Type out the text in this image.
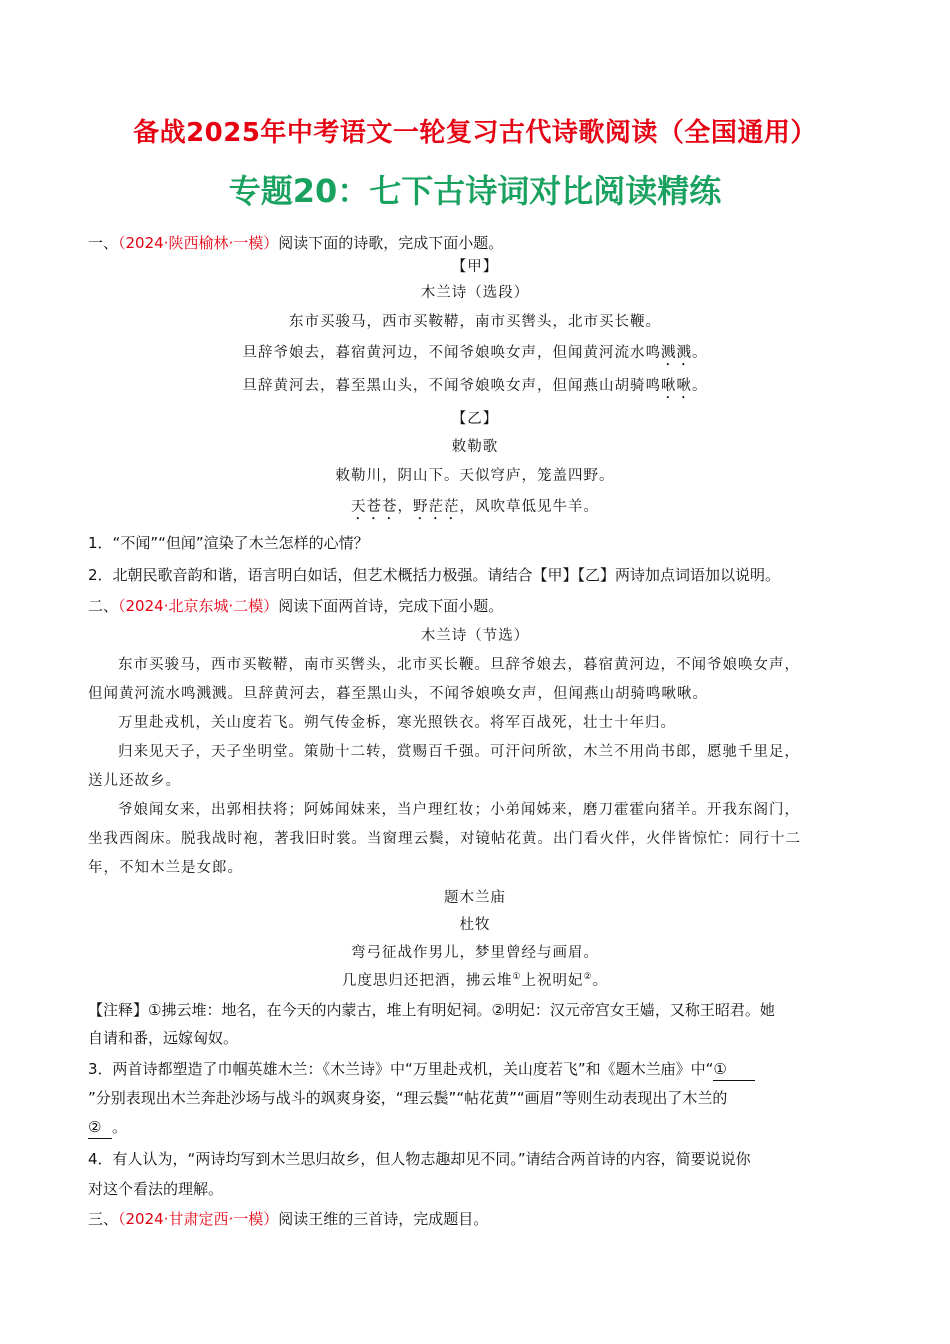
备战2025年中考语文一轮复习古代诗歌阅读（全国通用）
专题20：七下古诗词对比阅读精练
一、（2024·陕西榆林·一模）阅读下面的诗歌，完成下面小题。
【甲】
木兰诗（选段）
东市买骏马，西市买鞍鞯，南市买辔头，北市买长鞭。
旦辞爷娘去，暮宿黄河边，不闻爷娘唤女声，但闻黄河流水鸣溅溅。
旦辞黄河去，暮至黑山头，不闻爷娘唤女声，但闻燕山胡骑鸣啾啾。
【乙】
敕勒歌
敕勒川，阴山下。天似穹庐，笼盖四野。
天苍苍，野茫茫，风吹草低见牛羊。
1．“不闻”“但闻”渲染了木兰怎样的心情？
2．北朝民歌音韵和谐，语言明白如话，但艺术概括力极强。请结合【甲】【乙】两诗加点词语加以说明。
二、（2024·北京东城·二模）阅读下面两首诗，完成下面小题。
木兰诗（节选）
东市买骏马，西市买鞍鞯，南市买辔头，北市买长鞭。旦辞爷娘去，暮宿黄河边，不闻爷娘唤女声，
但闻黄河流水鸣溅溅。旦辞黄河去，暮至黑山头，不闻爷娘唤女声，但闻燕山胡骑鸣啾啾。
万里赴戎机，关山度若飞。朔气传金柝，寒光照铁衣。将军百战死，壮士十年归。
归来见天子，天子坐明堂。策勋十二转，赏赐百千强。可汗问所欲，木兰不用尚书郎，愿驰千里足，
送儿还故乡。
爷娘闻女来，出郭相扶将；阿姊闻妹来，当户理红妆；小弟闻姊来，磨刀霍霍向猪羊。开我东阁门，
坐我西阁床。脱我战时袍，著我旧时裳。当窗理云鬓，对镜帖花黄。出门看火伴，火伴皆惊忙：同行十二
年，不知木兰是女郎。
题木兰庙
杜牧
弯弓征战作男儿，梦里曾经与画眉。
几度思归还把酒，拂云堆①上祝明妃②。
【注释】①拂云堆：地名，在今天的内蒙古，堆上有明妃祠。②明妃：汉元帝宫女王嫱，又称王昭君。她
自请和番，远嫁匈奴。
3．两首诗都塑造了巾帼英雄木兰：《木兰诗》中“万里赴戎机，关山度若飞”和《题木兰庙》中“①
”分别表现出木兰奔赴沙场与战斗的飒爽身姿，“理云鬓”“帖花黄”“画眉”等则生动表现出了木兰的
② 。
4．有人认为，“两诗均写到木兰思归故乡，但人物志趣却见不同。”请结合两首诗的内容，简要说说你
对这个看法的理解。
三、（2024·甘肃定西·一模）阅读王维的三首诗，完成题目。
